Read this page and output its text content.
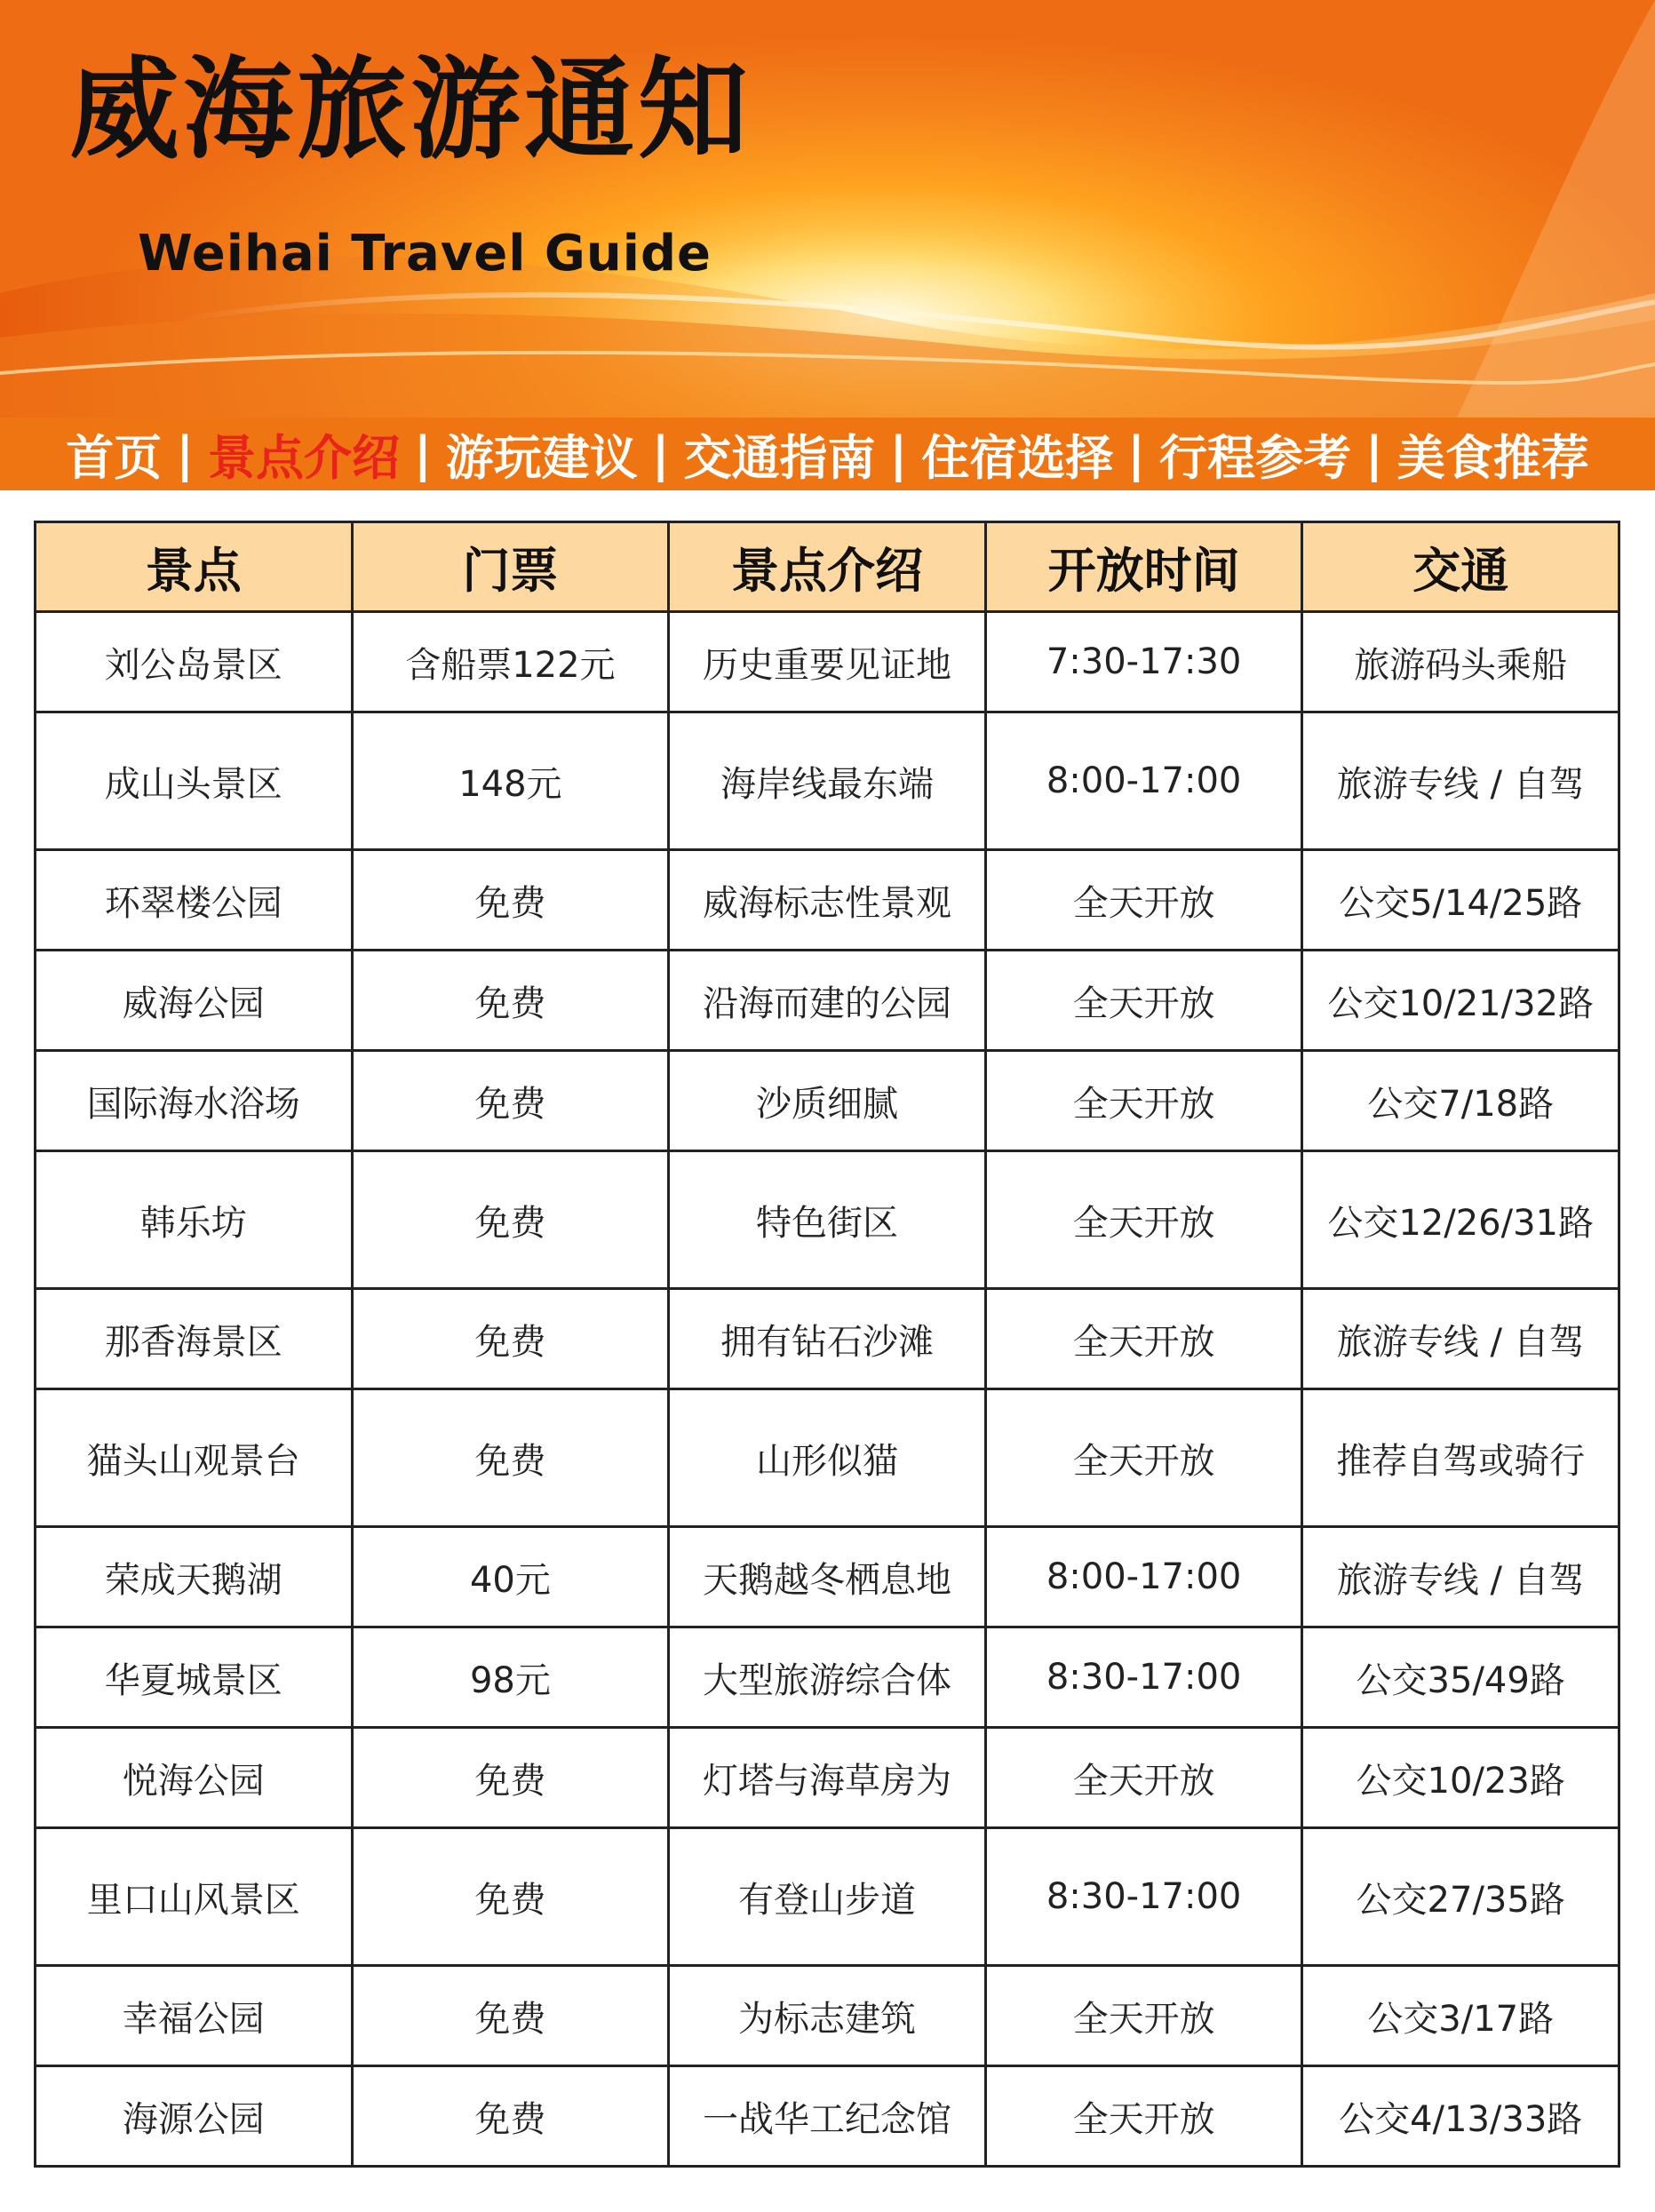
威海旅游通知
Weihai Travel Guide
首页 | 景点介绍 | 游玩建议 | 交通指南 | 住宿选择 | 行程参考 | 美食推荐
景点	门票	景点介绍	开放时间	交通
刘公岛景区	含船票122元	历史重要见证地	7:30-17:30	旅游码头乘船
成山头景区	148元	海岸线最东端	8:00-17:00	旅游专线 / 自驾
环翠楼公园	免费	威海标志性景观	全天开放	公交5/14/25路
威海公园	免费	沿海而建的公园	全天开放	公交10/21/32路
国际海水浴场	免费	沙质细腻	全天开放	公交7/18路
韩乐坊	免费	特色街区	全天开放	公交12/26/31路
那香海景区	免费	拥有钻石沙滩	全天开放	旅游专线 / 自驾
猫头山观景台	免费	山形似猫	全天开放	推荐自驾或骑行
荣成天鹅湖	40元	天鹅越冬栖息地	8:00-17:00	旅游专线 / 自驾
华夏城景区	98元	大型旅游综合体	8:30-17:00	公交35/49路
悦海公园	免费	灯塔与海草房为	全天开放	公交10/23路
里口山风景区	免费	有登山步道	8:30-17:00	公交27/35路
幸福公园	免费	为标志建筑	全天开放	公交3/17路
海源公园	免费	一战华工纪念馆	全天开放	公交4/13/33路
